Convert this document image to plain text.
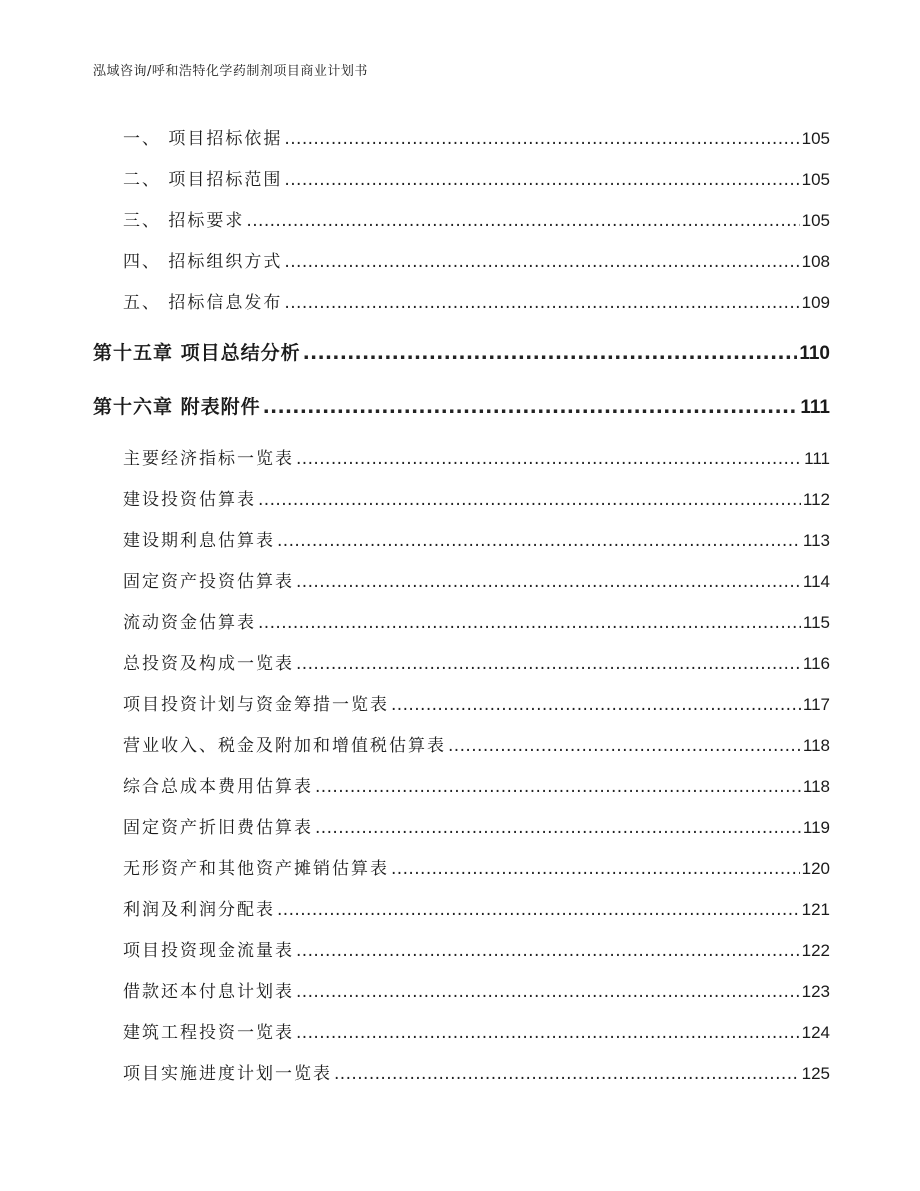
泓域咨询/呼和浩特化学药制剂项目商业计划书
一、 项目招标依据 .....	105
二、 项目招标范围 .....	105
三、 招标要求 .....	105
四、 招标组织方式 .....	108
五、 招标信息发布 .....	109
第十五章 项目总结分析 .....	110
第十六章 附表附件 .....	111
主要经济指标一览表 .....	111
建设投资估算表 .....	112
建设期利息估算表 .....	113
固定资产投资估算表 .....	114
流动资金估算表 .....	115
总投资及构成一览表 .....	116
项目投资计划与资金筹措一览表 .....	117
营业收入、税金及附加和增值税估算表 .....	118
综合总成本费用估算表 .....	118
固定资产折旧费估算表 .....	119
无形资产和其他资产摊销估算表 .....	120
利润及利润分配表 .....	121
项目投资现金流量表 .....	122
借款还本付息计划表 .....	123
建筑工程投资一览表 .....	124
项目实施进度计划一览表 .....	125
